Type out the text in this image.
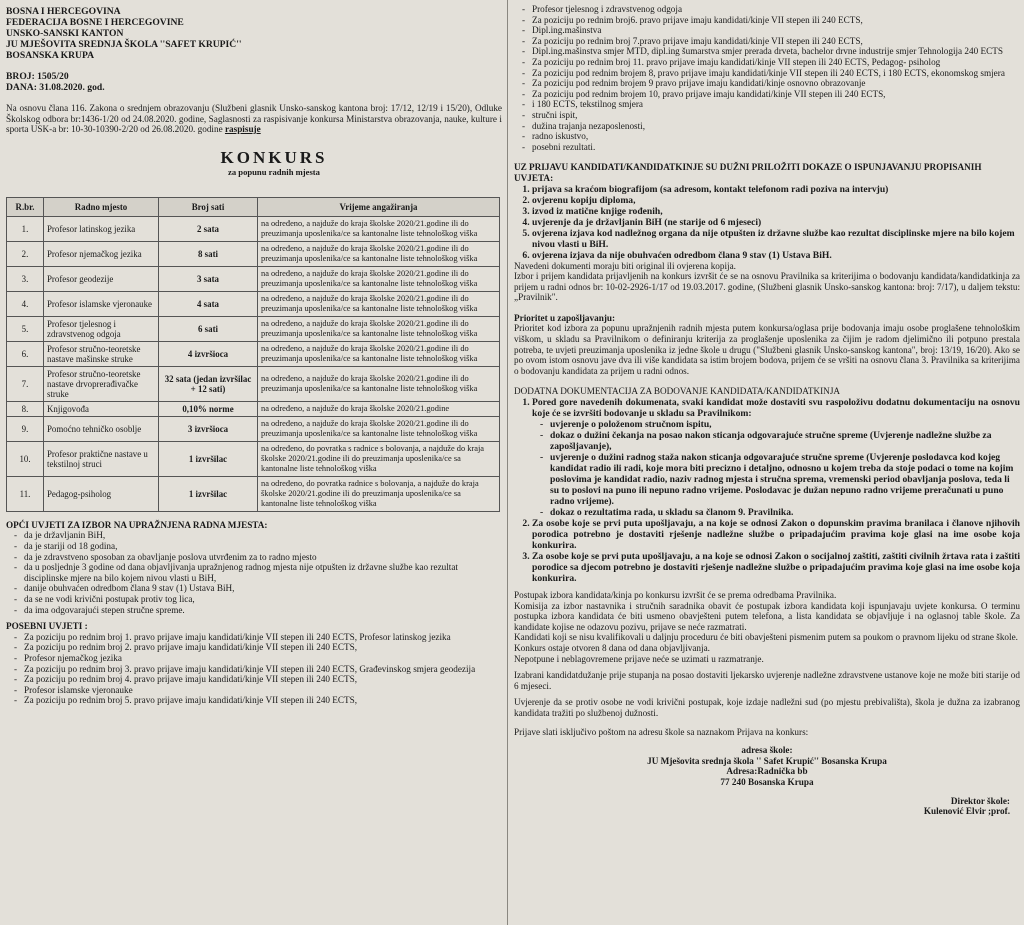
BOSNA I HERCEGOVINA
FEDERACIJA BOSNE I HERCEGOVINE
UNSKO-SANSKI KANTON
JU MJEŠOVITA SREDNJA ŠKOLA ''SAFET KRUPIĆ''
BOSANSKA KRUPA
BROJ: 1505/20
DANA: 31.08.2020. god.
Na osnovu člana 116. Zakona o srednjem obrazovanju (Službeni glasnik Unsko-sanskog kantona broj: 17/12, 12/19 i 15/20), Odluke Školskog odbora br:1436-1/20 od 24.08.2020. godine, Saglasnosti za raspisivanje konkursa Ministarstva obrazovanja, nauke, kulture i sporta USK-a br: 10-30-10390-2/20 od 26.08.2020. godine raspisuje
KONKURS
za popunu radnih mjesta
R.br.	Radno mjesto	Broj sati	Vrijeme angažiranja
1.	Profesor latinskog jezika	2 sata	na određeno, a najduže do kraja školske 2020/21.godine ili do preuzimanja uposlenika/ce sa kantonalne liste tehnološkog viška
2.	Profesor njemačkog jezika	8 sati	na određeno, a najduže do kraja školske 2020/21.godine ili do preuzimanja uposlenika/ce sa kantonalne liste tehnološkog viška
3.	Profesor geodezije	3 sata	na određeno, a najduže do kraja školske 2020/21.godine ili do preuzimanja uposlenika/ce sa kantonalne liste tehnološkog viška
4.	Profesor islamske vjeronauke	4 sata	na određeno, a najduže do kraja školske 2020/21.godine ili do preuzimanja uposlenika/ce sa kantonalne liste tehnološkog viška
5.	Profesor tjelesnog i zdravstvenog odgoja	6 sati	na određeno, a najduže do kraja školske 2020/21.godine ili do preuzimanja uposlenika/ce sa kantonalne liste tehnološkog viška
6.	Profesor stručno-teoretske nastave mašinske struke	4 izvršioca	na određeno, a najduže do kraja školske 2020/21.godine ili do preuzimanja uposlenika/ce sa kantonalne liste tehnološkog viška
7.	Profesor stručno-teoretske nastave drvoprerađivačke struke	32 sata (jedan izvršilac + 12 sati)	na određeno, a najduže do kraja školske 2020/21.godine ili do preuzimanja uposlenika/ce sa kantonalne liste tehnološkog viška
8.	Knjigovođa	0,10% norme	na određeno, a najduže do kraja školske 2020/21.godine
9.	Pomoćno tehničko osoblje	3 izvršioca	na određeno, a najduže do kraja školske 2020/21.godine ili do preuzimanja uposlenika/ce sa kantonalne liste tehnološkog viška
10.	Profesor praktične nastave u tekstilnoj struci	1 izvršilac	na određeno, do povratka s radnice s bolovanja, a najduže do kraja školske 2020/21.godine ili do preuzimanja uposlenika/ce sa kantonalne liste tehnološkog viška
11.	Pedagog-psiholog	1 izvršilac	na određeno, do povratka radnice s bolovanja, a najduže do kraja školske 2020/21.godine ili do preuzimanja uposlenika/ce sa kantonalne liste tehnološkog viška
OPĆI UVJETI ZA IZBOR NA UPRAŽNJENA RADNA MJESTA:
- da je državljanin BiH,
- da je stariji od 18 godina,
- da je zdravstveno sposoban za obavljanje poslova utvrđenim za to radno mjesto
- da u posljednje 3 godine od dana objavljivanja upražnjenog radnog mjesta nije otpušten iz državne službe kao rezultat disciplinske mjere na bilo kojem nivou vlasti u BiH,
- danije obuhvaćen odredbom člana 9 stav (1) Ustava BiH,
- da se ne vodi krivični postupak protiv tog lica,
- da ima odgovarajući stepen stručne spreme.
POSEBNI UVJETI :
- Za poziciju po rednim broj 1. pravo prijave imaju kandidati/kinje VII stepen ili 240 ECTS, Profesor latinskog jezika
- Za poziciju po rednim broj 2. pravo prijave imaju kandidati/kinje VII stepen ili 240 ECTS,
- Profesor njemačkog jezika
- Za poziciju po rednim broj 3. pravo prijave imaju kandidati/kinje VII stepen ili 240 ECTS, Građevinskog smjera geodezija
- Za poziciju po rednim broj 4. pravo prijave imaju kandidati/kinje VII stepen ili 240 ECTS,
- Profesor islamske vjeronauke
- Za poziciju po rednim broj 5. pravo prijave imaju kandidati/kinje VII stepen ili 240 ECTS,
- Profesor tjelesnog i zdravstvenog odgoja
- Za poziciju po rednim broj6. pravo prijave imaju kandidati/kinje VII stepen ili 240 ECTS,
- Dipl.ing.mašinstva
- Za poziciju po rednim broj 7.pravo prijave imaju kandidati/kinje VII stepen ili 240 ECTS,
- Dipl.ing.mašinstva smjer MTD, dipl.ing šumarstva smjer prerada drveta, bachelor drvne industrije smjer Tehnologija 240 ECTS
- Za poziciju po rednim broj 11. pravo prijave imaju kandidati/kinje VII stepen ili 240 ECTS, Pedagog- psiholog
- Za poziciju pod rednim brojem 8, pravo prijave imaju kandidati/kinje VII stepen ili 240 ECTS, i 180 ECTS, ekonomskog smjera
- Za poziciju pod rednim brojem 9 pravo prijave imaju kandidati/kinje osnovno obrazovanje
- Za poziciju pod rednim brojem 10, pravo prijave imaju kandidati/kinje VII stepen ili 240 ECTS,
- i 180 ECTS, tekstilnog smjera
- stručni ispit,
- dužina trajanja nezaposlenosti,
- radno iskustvo,
- posebni rezultati.
UZ PRIJAVU KANDIDATI/KANDIDATKINJE SU DUŽNI PRILOŽITI DOKAZE O ISPUNJAVANJU PROPISANIH UVJETA:
1. prijava sa kraćom biografijom (sa adresom, kontakt telefonom radi poziva na intervju)
2. ovjerenu kopiju diploma,
3. izvod iz matične knjige rođenih,
4. uvjerenje da je državljanin BiH (ne starije od 6 mjeseci)
5. ovjerena izjava kod nadležnog organa da nije otpušten iz državne službe kao rezultat disciplinske mjere na bilo kojem nivou vlasti u BiH.
6. ovjerena izjava da nije obuhvaćen odredbom člana 9 stav (1) Ustava BiH.
Navedeni dokumenti moraju biti original ili ovjerena kopija.
Izbor i prijem kandidata prijavljenih na konkurs izvršit će se na osnovu Pravilnika sa kriterijima o bodovanju kandidata/kandidatkinja za prijem u radni odnos br: 10-02-2926-1/17 od 19.03.2017. godine, (Službeni glasnik Unsko-sanskog kantona: broj: 7/17), u daljem tekstu: „Pravilnik".
Prioritet u zapošljavanju:
Prioritet kod izbora za popunu upražnjenih radnih mjesta putem konkursa/oglasa prije bodovanja imaju osobe proglašene tehnološkim viškom, u skladu sa Pravilnikom o definiranju kriterija za proglašenje uposlenika za čijim je radom djelimično ili potpuno prestala potreba, te uvjeti preuzimanja uposlenika iz jedne škole u drugu ("Službeni glasnik Unsko-sanskog kantona", broj: 13/19, 16/20). Ako se po ovom istom osnovu jave dva ili više kandidata sa istim brojem bodova, prijem će se vršiti na osnovu člana 3. Pravilnika sa kriterijima o bodovanju kandidata za prijem u radni odnos.
DODATNA DOKUMENTACIJA ZA BODOVANJE KANDIDATA/KANDIDATKINJA
1. Pored gore navedenih dokumenata, svaki kandidat može dostaviti svu raspoloživu dodatnu dokumentaciju na osnovu koje će se izvršiti bodovanje u skladu sa Pravilnikom:
- uvjerenje o položenom stručnom ispitu,
- dokaz o dužini čekanja na posao nakon sticanja odgovarajuće stručne spreme (Uvjerenje nadležne službe za zapošljavanje),
- uvjerenje o dužini radnog staža nakon sticanja odgovarajuće stručne spreme (Uvjerenje poslodavca kod kojeg kandidat radio ili radi, koje mora biti precizno i detaljno, odnosno u kojem treba da stoje podaci o tome na kojim poslovima je kandidat radio, naziv radnog mjesta i stručna sprema, vremenski period obavljanja poslova, teda li su to poslovi na puno ili nepuno radno vrijeme. Poslodavac je dužan nepuno radno vrijeme preračunati u puno radno vrijeme).
- dokaz o rezultatima rada, u skladu sa članom 9. Pravilnika.
2. Za osobe koje se prvi puta upošljavaju, a na koje se odnosi Zakon o dopunskim pravima branilaca i članove njihovih porodica potrebno je dostaviti rješenje nadležne službe o pripadajućim pravima koje glasi na ime osobe koja konkurira.
3. Za osobe koje se prvi puta upošljavaju, a na koje se odnosi Zakon o socijalnoj zaštiti, zaštiti civilnih žrtava rata i zaštiti porodice sa djecom potrebno je dostaviti rješenje nadležne službe o pripadajućim pravima koje glasi na ime osobe koja konkurira.
Postupak izbora kandidata/kinja po konkursu izvršit će se prema odredbama Pravilnika.
Komisija za izbor nastavnika i stručnih saradnika obavit će postupak izbora kandidata koji ispunjavaju uvjete konkursa. O terminu postupka izbora kandidata će biti usmeno obavješteni putem telefona, a lista kandidata se objavljuje i na oglasnoj table škole. Za kandidate kojise ne odazovu pozivu, prijave se neće razmatrati.
Kandidati koji se nisu kvalifikovali u daljnju proceduru će biti obavješteni pismenim putem sa poukom o pravnom lijeku od strane škole.
Konkurs ostaje otvoren 8 dana od dana objavljivanja.
Nepotpune i neblagovremene prijave neće se uzimati u razmatranje.
Izabrani kandidatdužanje prije stupanja na posao dostaviti ljekarsko uvjerenje nadležne zdravstvene ustanove koje ne može biti starije od 6 mjeseci.
Uvjerenje da se protiv osobe ne vodi krivični postupak, koje izdaje nadležni sud (po mjestu prebivališta), škola je dužna za izabranog kandidata tražiti po službenoj dužnosti.
Prijave slati isključivo poštom na adresu škole sa naznakom Prijava na konkurs:
adresa škole:
JU Mješovita srednja škola '' Safet Krupić'' Bosanska Krupa
Adresa:Radnička bb
77 240 Bosanska Krupa
Direktor škole:
Kulenović Elvir ;prof.
